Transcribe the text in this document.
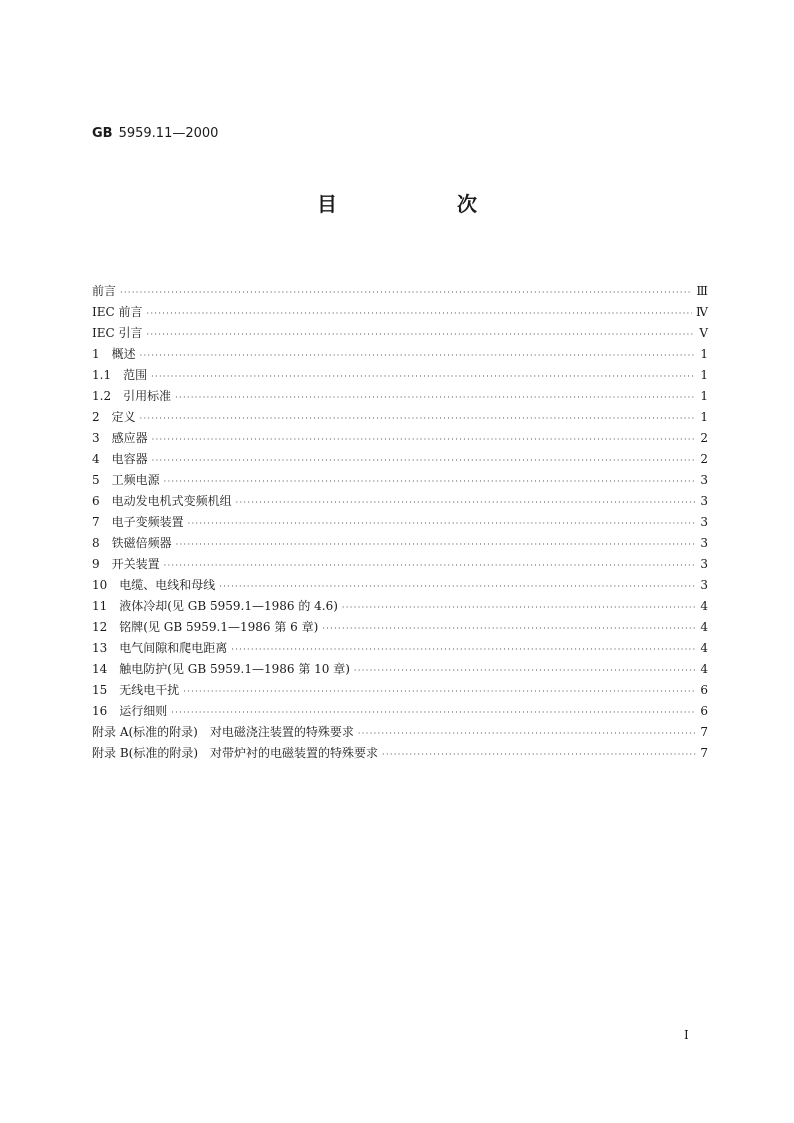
GB 5959.11—2000
目　次
前言 ·····	Ⅲ
IEC 前言 ·····	Ⅳ
IEC 引言 ·····	Ⅴ
1　概述 ·····	1
1.1　范围 ·····	1
1.2　引用标准 ·····	1
2　定义 ·····	1
3　感应器 ·····	2
4　电容器 ·····	2
5　工频电源 ·····	3
6　电动发电机式变频机组 ·····	3
7　电子变频装置 ·····	3
8　铁磁倍频器 ·····	3
9　开关装置 ·····	3
10　电缆、电线和母线 ·····	3
11　液体冷却(见 GB 5959.1—1986 的 4.6) ·····	4
12　铭牌(见 GB 5959.1—1986 第 6 章) ·····	4
13　电气间隙和爬电距离 ·····	4
14　触电防护(见 GB 5959.1—1986 第 10 章) ·····	4
15　无线电干扰 ·····	6
16　运行细则 ·····	6
附录 A(标准的附录)　对电磁浇注装置的特殊要求 ·····	7
附录 B(标准的附录)　对带炉衬的电磁装置的特殊要求 ·····	7
Ⅰ
